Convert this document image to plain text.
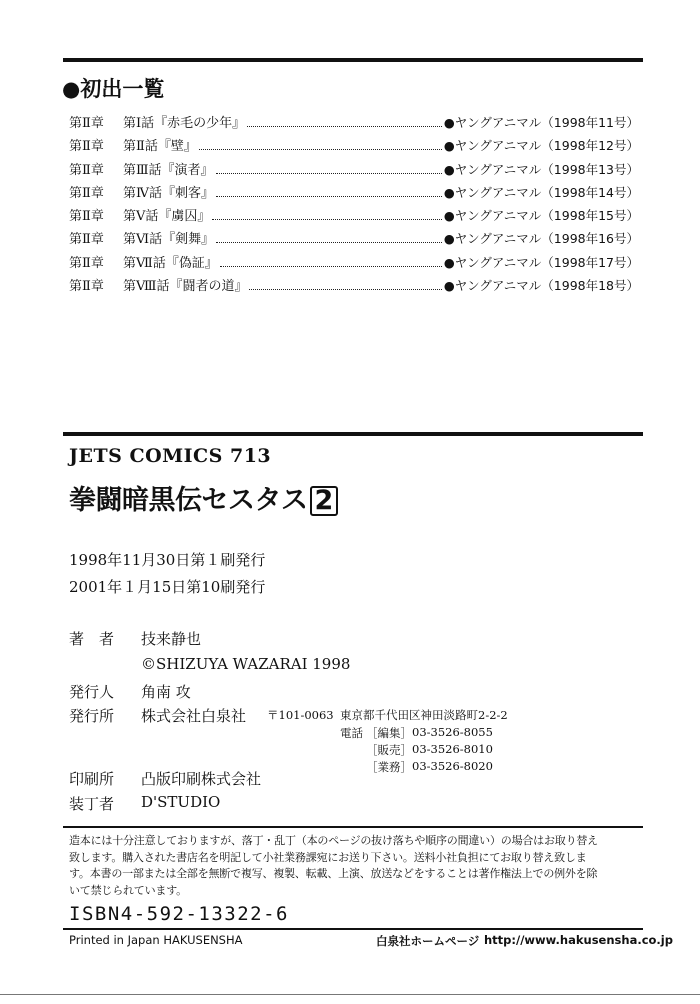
●初出一覧
第Ⅱ章	第Ⅰ話『赤毛の少年』	●ヤングアニマル（1998年11号）
第Ⅱ章	第Ⅱ話『壁』	●ヤングアニマル（1998年12号）
第Ⅱ章	第Ⅲ話『演者』	●ヤングアニマル（1998年13号）
第Ⅱ章	第Ⅳ話『刺客』	●ヤングアニマル（1998年14号）
第Ⅱ章	第Ⅴ話『虜囚』	●ヤングアニマル（1998年15号）
第Ⅱ章	第Ⅵ話『剣舞』	●ヤングアニマル（1998年16号）
第Ⅱ章	第Ⅶ話『偽証』	●ヤングアニマル（1998年17号）
第Ⅱ章	第Ⅷ話『闘者の道』	●ヤングアニマル（1998年18号）
JETS COMICS 713
拳闘暗黒伝セスタス 2
1998年11月30日第１刷発行
2001年１月15日第10刷発行
著　者 技来静也
©SHIZUYA WAZARAI 1998
発行人 角南 攻
発行所 株式会社白泉社 〒101-0063 東京都千代田区神田淡路町2-2-2
電話 ［編集］ 03-3526-8055
［販売］ 03-3526-8010
［業務］ 03-3526-8020
印刷所 凸版印刷株式会社
装丁者 D'STUDIO
造本には十分注意しておりますが、落丁・乱丁（本のページの抜け落ちや順序の間違い）の場合はお取り替え
致します。購入された書店名を明記して小社業務課宛にお送り下さい。送料小社負担にてお取り替え致しま
す。本書の一部または全部を無断で複写、複製、転載、上演、放送などをすることは著作権法上での例外を除
いて禁じられています。
ISBN4-592-13322-6
Printed in Japan HAKUSENSHA	白泉社ホームページ http://www.hakusensha.co.jp
